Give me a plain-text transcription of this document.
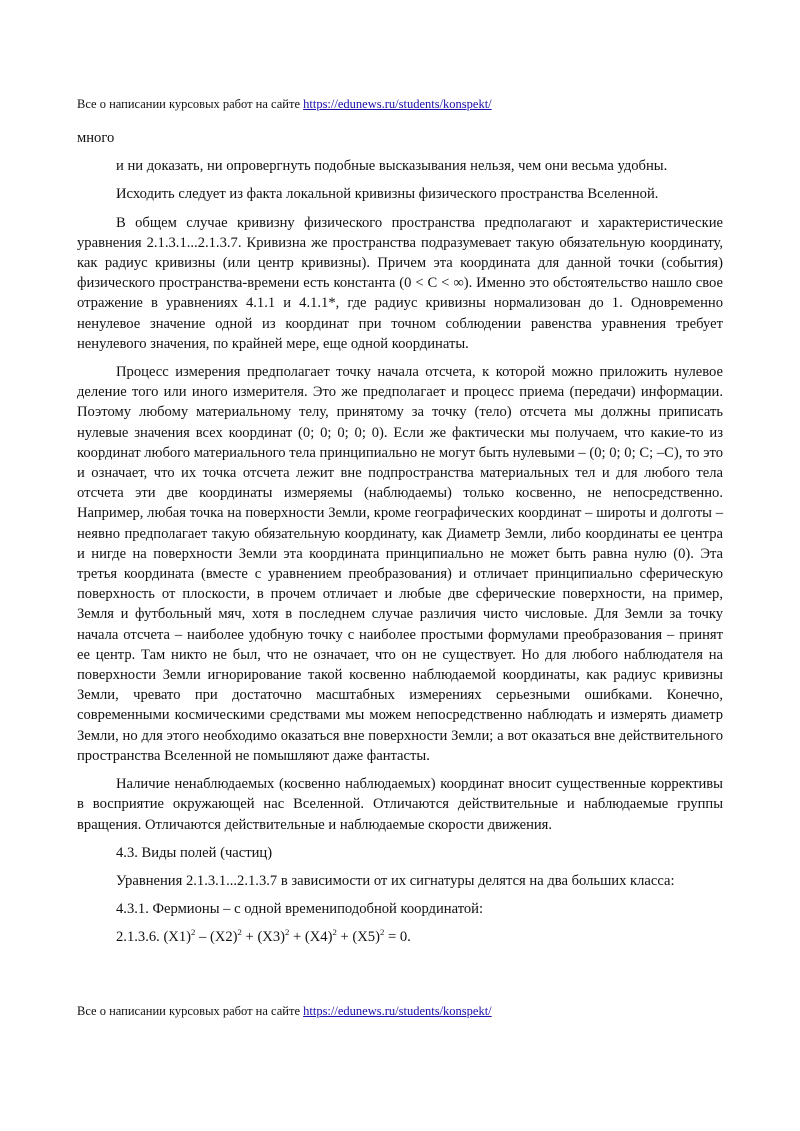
Все о написании курсовых работ на сайте https://edunews.ru/students/konspekt/

много

и ни доказать, ни опровергнуть подобные высказывания нельзя, чем они весьма удобны.

Исходить следует из факта локальной кривизны физического пространства Вселенной.

В общем случае кривизну физического пространства предполагают и характеристические уравнения 2.1.3.1...2.1.3.7. Кривизна же пространства подразумевает такую обязательную координату, как радиус кривизны (или центр кривизны). Причем эта координата для данной точки (события) физического пространства-времени есть константа (0 < C < ∞). Именно это обстоятельство нашло свое отражение в уравнениях 4.1.1 и 4.1.1*, где радиус кривизны нормализован до 1. Одновременно ненулевое значение одной из координат при точном соблюдении равенства уравнения требует ненулевого значения, по крайней мере, еще одной координаты.

Процесс измерения предполагает точку начала отсчета, к которой можно приложить нулевое деление того или иного измерителя. Это же предполагает и процесс приема (передачи) информации. Поэтому любому материальному телу, принятому за точку (тело) отсчета мы должны приписать нулевые значения всех координат (0; 0; 0; 0; 0). Если же фактически мы получаем, что какие-то из координат любого материального тела принципиально не могут быть нулевыми – (0; 0; 0; C; –C), то это и означает, что их точка отсчета лежит вне подпространства материальных тел и для любого тела отсчета эти две координаты измеряемы (наблюдаемы) только косвенно, не непосредственно. Например, любая точка на поверхности Земли, кроме географических координат – широты и долготы – неявно предполагает такую обязательную координату, как Диаметр Земли, либо координаты ее центра и нигде на поверхности Земли эта координата принципиально не может быть равна нулю (0). Эта третья координата (вместе с уравнением преобразования) и отличает принципиально сферическую поверхность от плоскости, в прочем отличает и любые две сферические поверхности, на пример, Земля и футбольный мяч, хотя в последнем случае различия чисто числовые. Для Земли за точку начала отсчета – наиболее удобную точку с наиболее простыми формулами преобразования – принят ее центр. Там никто не был, что не означает, что он не существует. Но для любого наблюдателя на поверхности Земли игнорирование такой косвенно наблюдаемой координаты, как радиус кривизны Земли, чревато при достаточно масштабных измерениях серьезными ошибками. Конечно, современными космическими средствами мы можем непосредственно наблюдать и измерять диаметр Земли, но для этого необходимо оказаться вне поверхности Земли; а вот оказаться вне действительного пространства Вселенной не помышляют даже фантасты.

Наличие ненаблюдаемых (косвенно наблюдаемых) координат вносит существенные коррективы в восприятие окружающей нас Вселенной. Отличаются действительные и наблюдаемые группы вращения. Отличаются действительные и наблюдаемые скорости движения.

4.3. Виды полей (частиц)

Уравнения 2.1.3.1...2.1.3.7 в зависимости от их сигнатуры делятся на два больших класса:

4.3.1. Фермионы – с одной времениподобной координатой:

2.1.3.6. $(X1)^2 - (X2)^2 + (X3)^2 + (X4)^2 + (X5)^2 = 0$.

Все о написании курсовых работ на сайте https://edunews.ru/students/konspekt/
